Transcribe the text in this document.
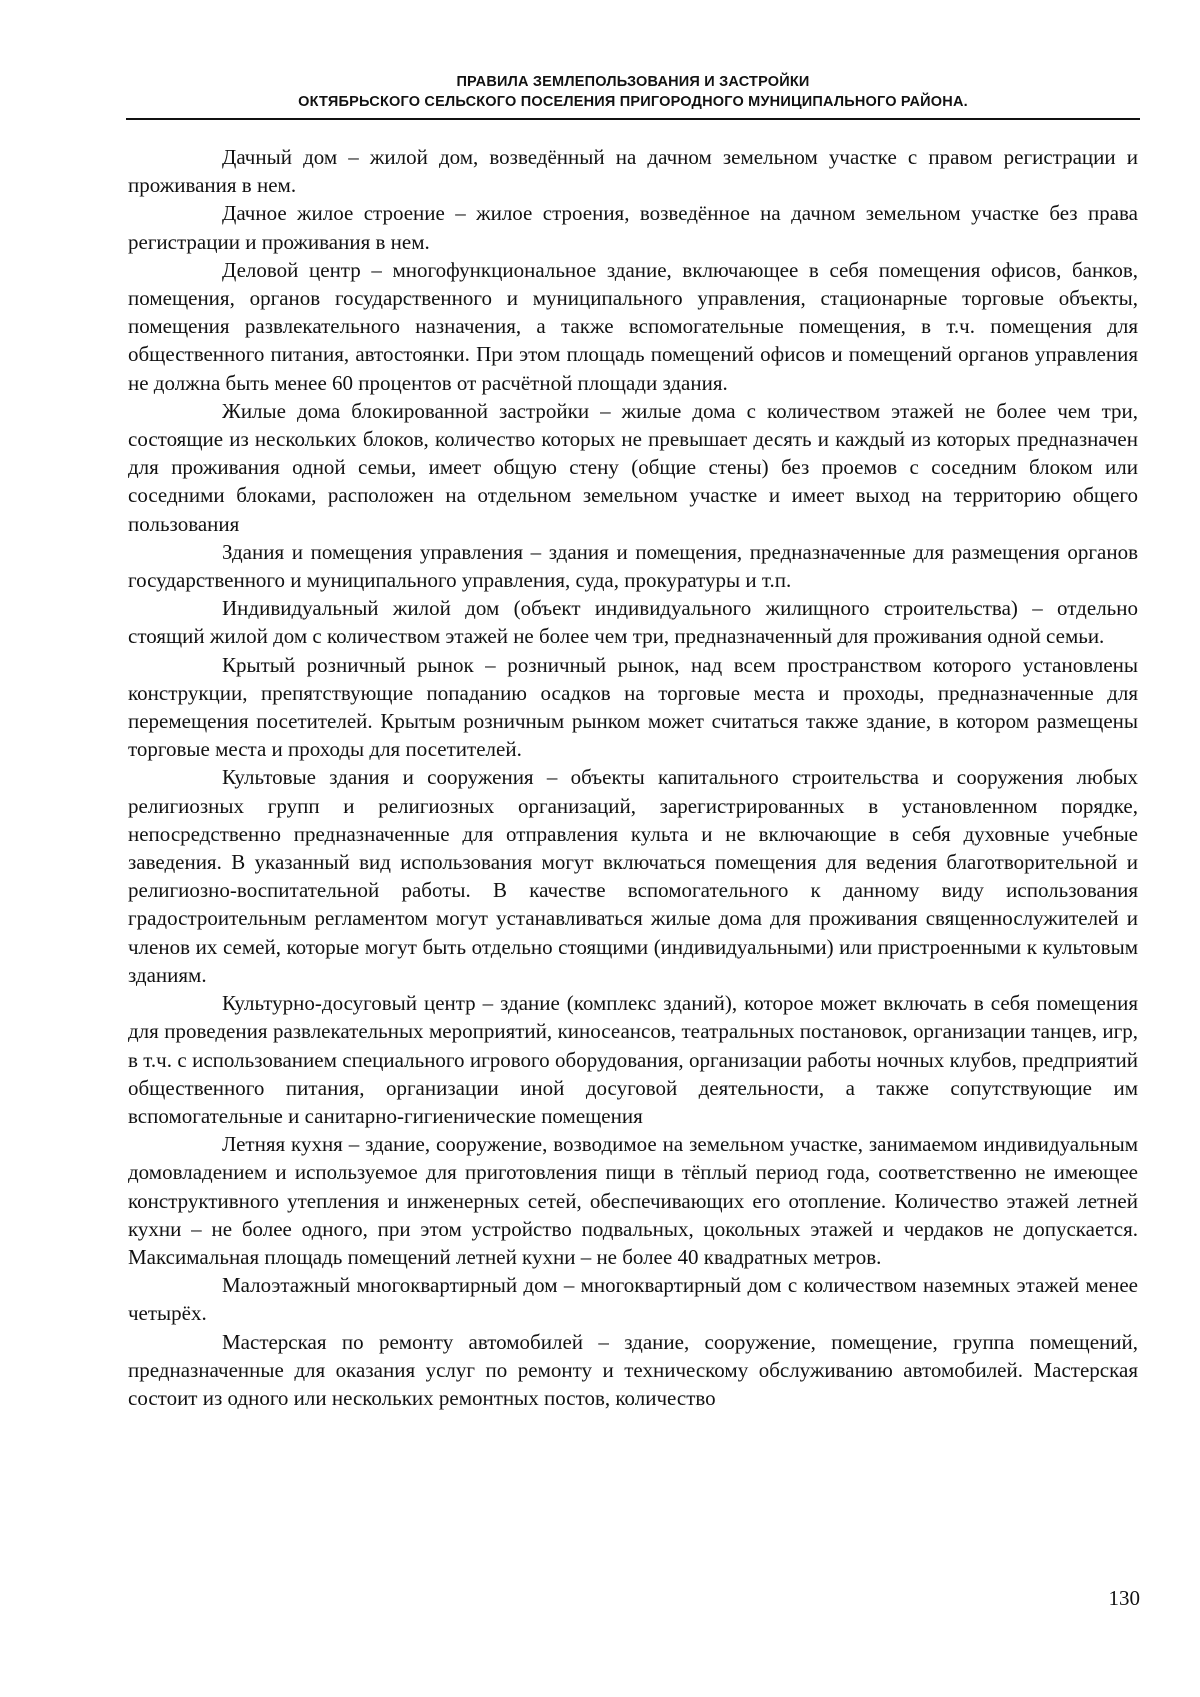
ПРАВИЛА ЗЕМЛЕПОЛЬЗОВАНИЯ И ЗАСТРОЙКИ
ОКТЯБРЬСКОГО СЕЛЬСКОГО ПОСЕЛЕНИЯ ПРИГОРОДНОГО МУНИЦИПАЛЬНОГО РАЙОНА.

Дачный дом – жилой дом, возведённый на дачном земельном участке с правом регистрации и проживания в нем.

Дачное жилое строение – жилое строения, возведённое на дачном земельном участке без права регистрации и проживания в нем.

Деловой центр – многофункциональное здание, включающее в себя помещения офисов, банков, помещения, органов государственного и муниципального управления, стационарные торговые объекты, помещения развлекательного назначения, а также вспомогательные помещения, в т.ч. помещения для общественного питания, автостоянки. При этом площадь помещений офисов и помещений органов управления не должна быть менее 60 процентов от расчётной площади здания.

Жилые дома блокированной застройки – жилые дома с количеством этажей не более чем три, состоящие из нескольких блоков, количество которых не превышает десять и каждый из которых предназначен для проживания одной семьи, имеет общую стену (общие стены) без проемов с соседним блоком или соседними блоками, расположен на отдельном земельном участке и имеет выход на территорию общего пользования

Здания и помещения управления – здания и помещения, предназначенные для размещения органов государственного и муниципального управления, суда, прокуратуры и т.п.

Индивидуальный жилой дом (объект индивидуального жилищного строительства) – отдельно стоящий жилой дом с количеством этажей не более чем три, предназначенный для проживания одной семьи.

Крытый розничный рынок – розничный рынок, над всем пространством которого установлены конструкции, препятствующие попаданию осадков на торговые места и проходы, предназначенные для перемещения посетителей. Крытым розничным рынком может считаться также здание, в котором размещены торговые места и проходы для посетителей.

Культовые здания и сооружения – объекты капитального строительства и сооружения любых религиозных групп и религиозных организаций, зарегистрированных в установленном порядке, непосредственно предназначенные для отправления культа и не включающие в себя духовные учебные заведения. В указанный вид использования могут включаться помещения для ведения благотворительной и религиозно-воспитательной работы. В качестве вспомогательного к данному виду использования градостроительным регламентом могут устанавливаться жилые дома для проживания священнослужителей и членов их семей, которые могут быть отдельно стоящими (индивидуальными) или пристроенными к культовым зданиям.

Культурно-досуговый центр – здание (комплекс зданий), которое может включать в себя помещения для проведения развлекательных мероприятий, киносеансов, театральных постановок, организации танцев, игр, в т.ч. с использованием специального игрового оборудования, организации работы ночных клубов, предприятий общественного питания, организации иной досуговой деятельности, а также сопутствующие им вспомогательные и санитарно-гигиенические помещения

Летняя кухня – здание, сооружение, возводимое на земельном участке, занимаемом индивидуальным домовладением и используемое для приготовления пищи в тёплый период года, соответственно не имеющее конструктивного утепления и инженерных сетей, обеспечивающих его отопление. Количество этажей летней кухни – не более одного, при этом устройство подвальных, цокольных этажей и чердаков не допускается. Максимальная площадь помещений летней кухни – не более 40 квадратных метров.

Малоэтажный многоквартирный дом – многоквартирный дом с количеством наземных этажей менее четырёх.

Мастерская по ремонту автомобилей – здание, сооружение, помещение, группа помещений, предназначенные для оказания услуг по ремонту и техническому обслуживанию автомобилей. Мастерская состоит из одного или нескольких ремонтных постов, количество

130
